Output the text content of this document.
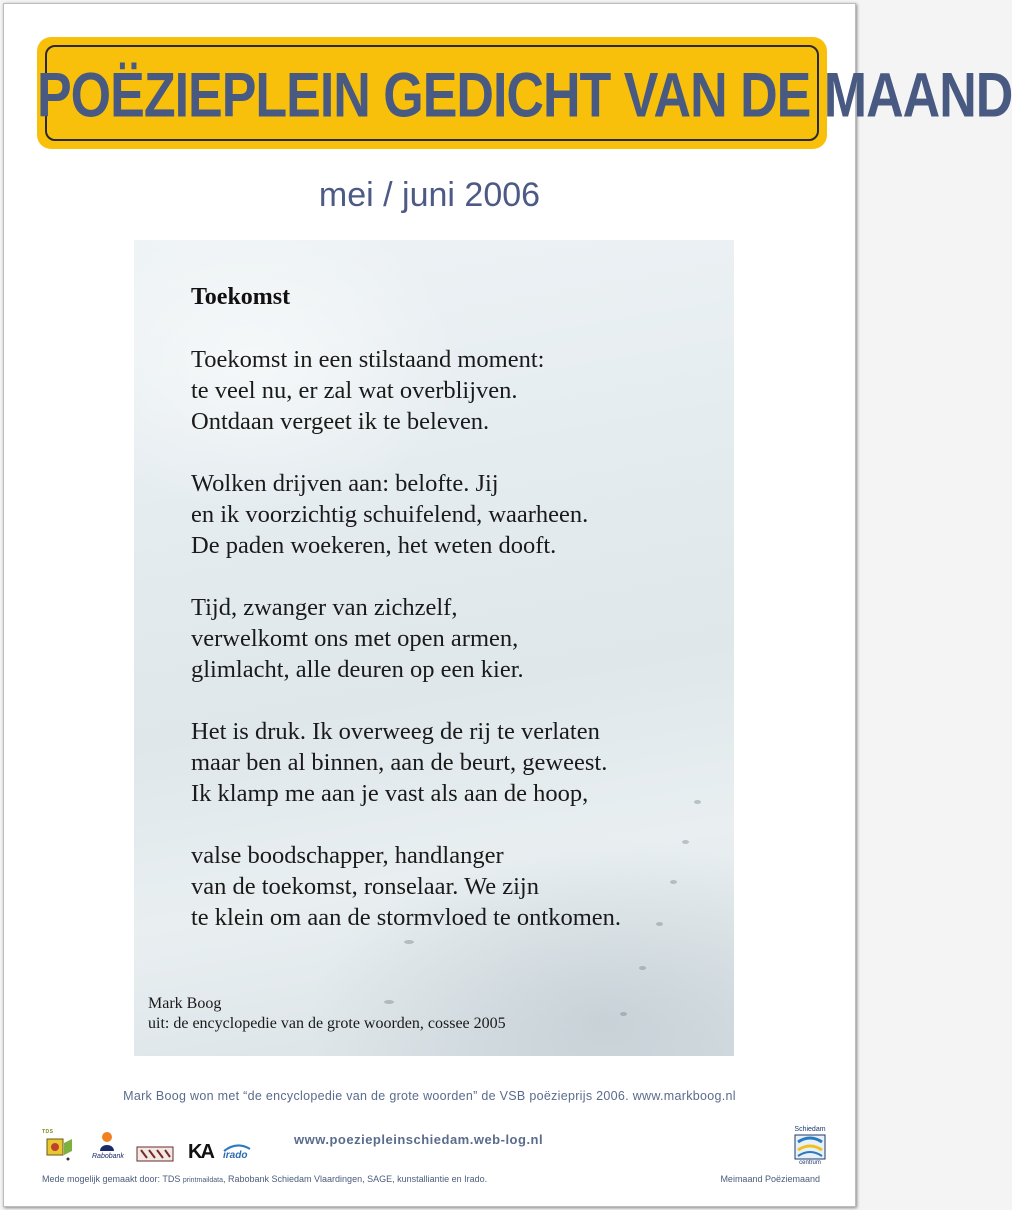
POËZIEPLEIN GEDICHT VAN DE MAAND
mei / juni 2006
Toekomst
Toekomst in een stilstaand moment:
te veel nu, er zal wat overblijven.
Ontdaan vergeet ik te beleven.
Wolken drijven aan: belofte. Jij
en ik voorzichtig schuifelend, waarheen.
De paden woekeren, het weten dooft.
Tijd, zwanger van zichzelf,
verwelkomt ons met open armen,
glimlacht, alle deuren op een kier.
Het is druk. Ik overweeg de rij te verlaten
maar ben al binnen, aan de beurt, geweest.
Ik klamp me aan je vast als aan de hoop,
valse boodschapper, handlanger
van de toekomst, ronselaar. We zijn
te klein om aan de stormvloed te ontkomen.
Mark Boog
uit: de encyclopedie van de grote woorden, cossee 2005
Mark Boog won met “de encyclopedie van de grote woorden” de VSB poëzieprijs 2006. www.markboog.nl
www.poezieplein​schiedam.web-log.nl
TDS
Rabobank	KA irado
Mede mogelijk gemaakt door: TDS printmaildata, Rabobank Schiedam Vlaardingen, SAGE, kunstalliantie en Irado.
Schiedam
centrum
Meimaand Poëziemaand
